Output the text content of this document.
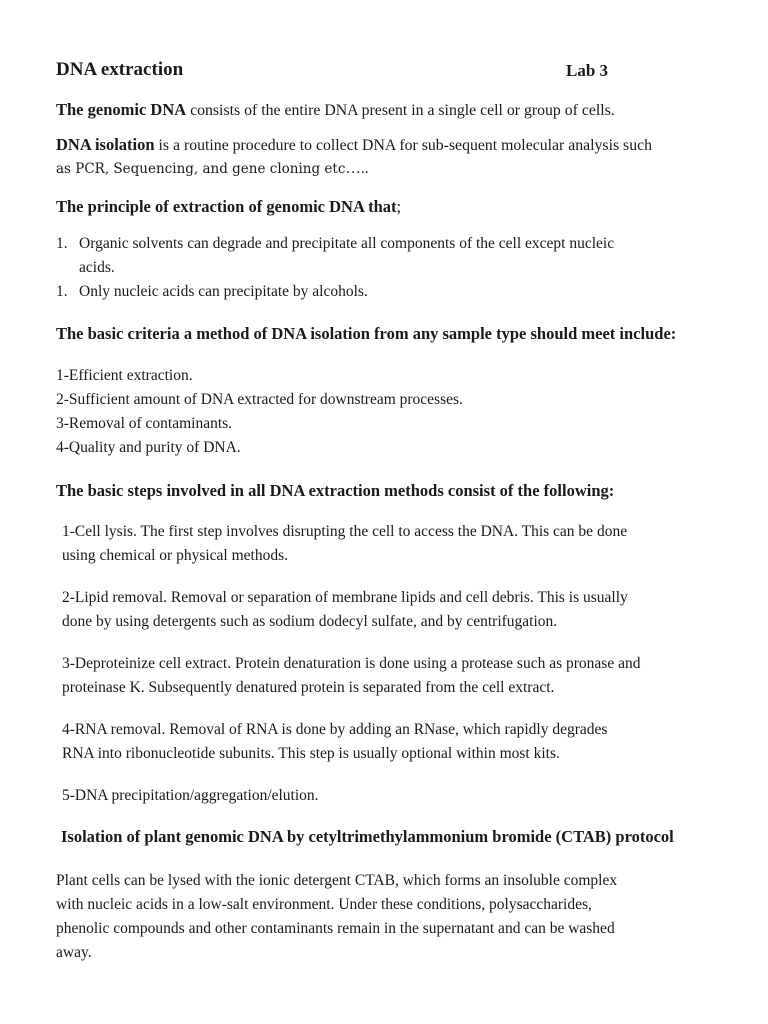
DNA extraction	Lab 3
The genomic DNA consists of the entire DNA present in a single cell or group of cells.
DNA isolation is a routine procedure to collect DNA for sub-sequent molecular analysis such
as PCR, Sequencing, and gene cloning etc…..
The principle of extraction of genomic DNA that;
1. Organic solvents can degrade and precipitate all components of the cell except nucleic
acids.
1. Only nucleic acids can precipitate by alcohols.
The basic criteria a method of DNA isolation from any sample type should meet include:
1-Efficient extraction.
2-Sufficient amount of DNA extracted for downstream processes.
3-Removal of contaminants.
4-Quality and purity of DNA.
The basic steps involved in all DNA extraction methods consist of the following:
1-Cell lysis. The first step involves disrupting the cell to access the DNA. This can be done
using chemical or physical methods.
2-Lipid removal. Removal or separation of membrane lipids and cell debris. This is usually
done by using detergents such as sodium dodecyl sulfate, and by centrifugation.
3-Deproteinize cell extract. Protein denaturation is done using a protease such as pronase and
proteinase K. Subsequently denatured protein is separated from the cell extract.
4-RNA removal. Removal of RNA is done by adding an RNase, which rapidly degrades
RNA into ribonucleotide subunits. This step is usually optional within most kits.
5-DNA precipitation/aggregation/elution.
Isolation of plant genomic DNA by cetyltrimethylammonium bromide (CTAB) protocol
Plant cells can be lysed with the ionic detergent CTAB, which forms an insoluble complex
with nucleic acids in a low-salt environment. Under these conditions, polysaccharides,
phenolic compounds and other contaminants remain in the supernatant and can be washed
away.
